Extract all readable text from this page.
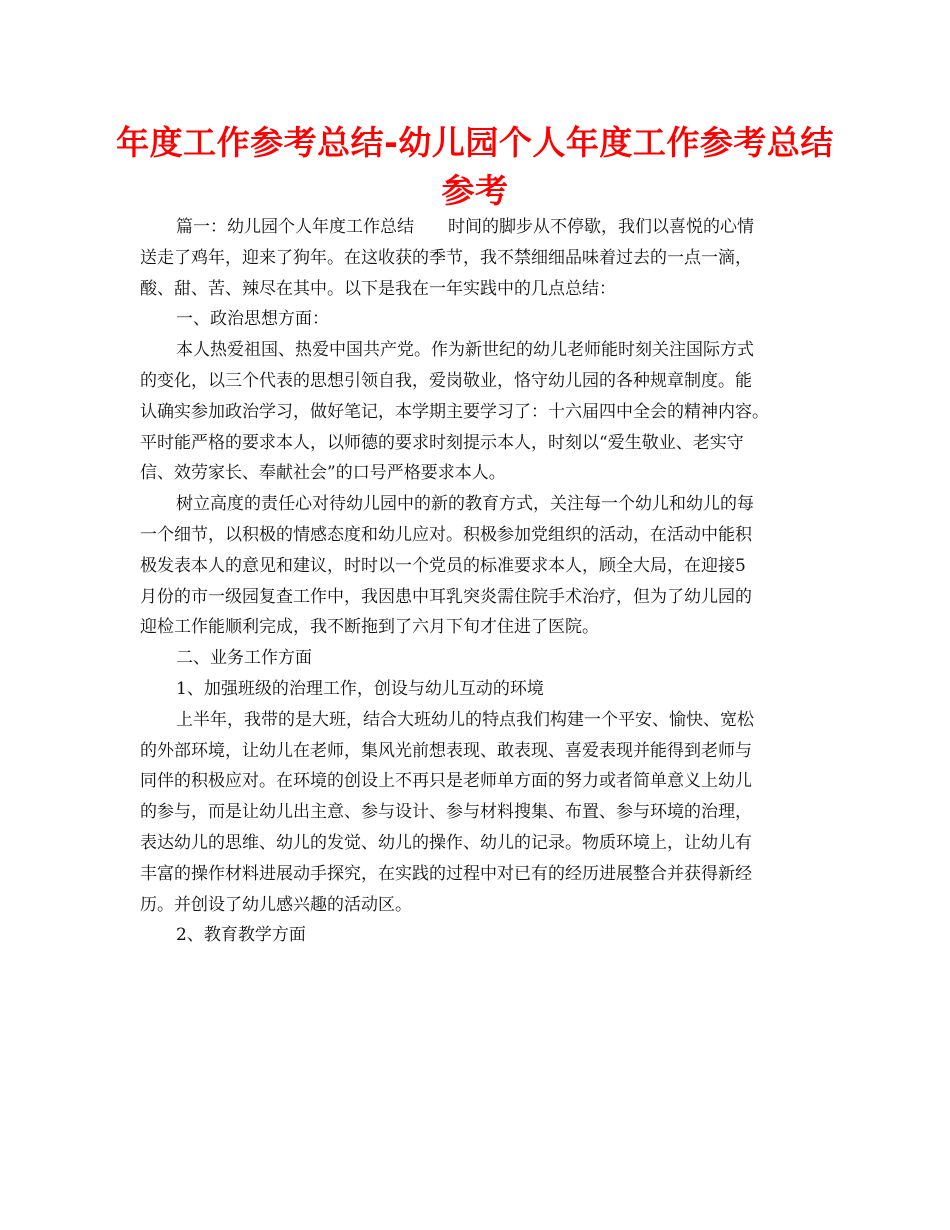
年度工作参考总结-幼儿园个人年度工作参考总结
参考
篇一：幼儿园个人年度工作总结　　时间的脚步从不停歇，我们以喜悦的心情
送走了鸡年，迎来了狗年。在这收获的季节，我不禁细细品味着过去的一点一滴，
酸、甜、苦、辣尽在其中。以下是我在一年实践中的几点总结：
一、政治思想方面：
本人热爱祖国、热爱中国共产党。作为新世纪的幼儿老师能时刻关注国际方式
的变化，以三个代表的思想引领自我，爱岗敬业，恪守幼儿园的各种规章制度。能
认确实参加政治学习，做好笔记，本学期主要学习了：十六届四中全会的精神内容。
平时能严格的要求本人，以师德的要求时刻提示本人，时刻以“爱生敬业、老实守
信、效劳家长、奉献社会”的口号严格要求本人。
树立高度的责任心对待幼儿园中的新的教育方式，关注每一个幼儿和幼儿的每
一个细节，以积极的情感态度和幼儿应对。积极参加党组织的活动，在活动中能积
极发表本人的意见和建议，时时以一个党员的标准要求本人，顾全大局，在迎接5
月份的市一级园复查工作中，我因患中耳乳突炎需住院手术治疗，但为了幼儿园的
迎检工作能顺利完成，我不断拖到了六月下旬才住进了医院。
二、业务工作方面
1、加强班级的治理工作，创设与幼儿互动的环境
上半年，我带的是大班，结合大班幼儿的特点我们构建一个平安、愉快、宽松
的外部环境，让幼儿在老师，集风光前想表现、敢表现、喜爱表现并能得到老师与
同伴的积极应对。在环境的创设上不再只是老师单方面的努力或者简单意义上幼儿
的参与，而是让幼儿出主意、参与设计、参与材料搜集、布置、参与环境的治理，
表达幼儿的思维、幼儿的发觉、幼儿的操作、幼儿的记录。物质环境上，让幼儿有
丰富的操作材料进展动手探究，在实践的过程中对已有的经历进展整合并获得新经
历。并创设了幼儿感兴趣的活动区。
2、教育教学方面
